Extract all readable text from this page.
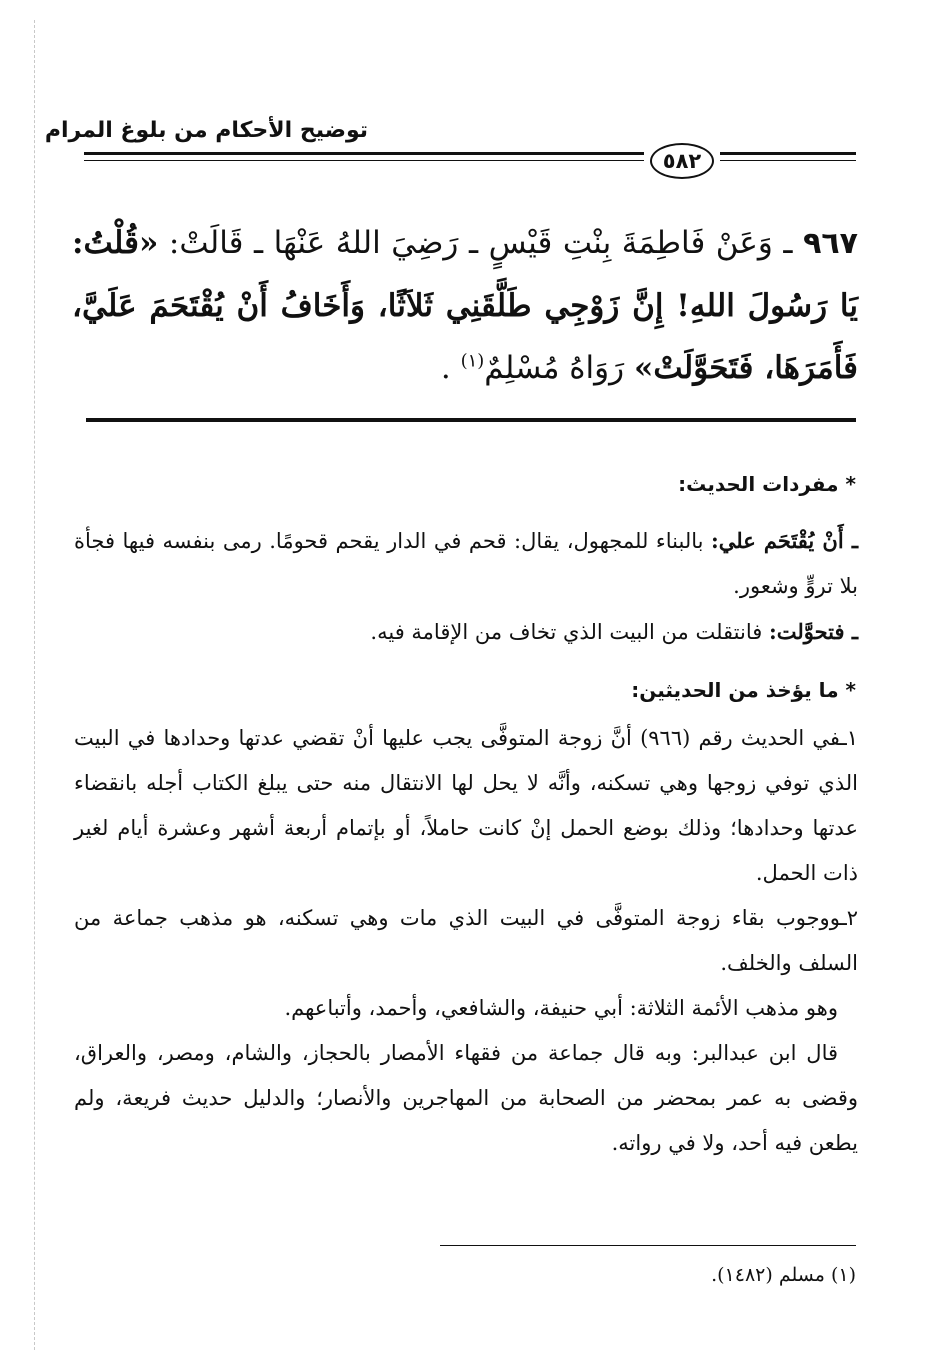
توضيح الأحكام من بلوغ المرام
٥٨٢
٩٦٧ ـ وَعَنْ فَاطِمَةَ بِنْتِ قَيْسٍ ـ رَضِيَ اللهُ عَنْهَا ـ قَالَتْ: «قُلْتُ: يَا رَسُولَ اللهِ! إِنَّ زَوْجِي طَلَّقَنِي ثَلاَثًا، وَأَخَافُ أَنْ يُقْتَحَمَ عَلَيَّ، فَأَمَرَهَا، فَتَحَوَّلَتْ» رَوَاهُ مُسْلِمٌ$^{(١)}$ .
* مفردات الحديث:
ـ أَنْ يُقْتَحَم علي: بالبناء للمجهول، يقال: قحم في الدار يقحم قحومًا. رمى بنفسه فيها فجأة بلا تروٍّ وشعور.
ـ فتحوَّلت: فانتقلت من البيت الذي تخاف من الإقامة فيه.
* ما يؤخذ من الحديثين:
١ـفي الحديث رقم (٩٦٦) أنَّ زوجة المتوفَّى يجب عليها أنْ تقضي عدتها وحدادها في البيت الذي توفي زوجها وهي تسكنه، وأنَّه لا يحل لها الانتقال منه حتى يبلغ الكتاب أجله بانقضاء عدتها وحدادها؛ وذلك بوضع الحمل إنْ كانت حاملاً، أو بإتمام أربعة أشهر وعشرة أيام لغير ذات الحمل.
٢ـووجوب بقاء زوجة المتوفَّى في البيت الذي مات وهي تسكنه، هو مذهب جماعة من السلف والخلف.
وهو مذهب الأئمة الثلاثة: أبي حنيفة، والشافعي، وأحمد، وأتباعهم.
قال ابن عبدالبر: وبه قال جماعة من فقهاء الأمصار بالحجاز، والشام، ومصر، والعراق، وقضى به عمر بمحضر من الصحابة من المهاجرين والأنصار؛ والدليل حديث فريعة، ولم يطعن فيه أحد، ولا في رواته.
(١) مسلم (١٤٨٢).
